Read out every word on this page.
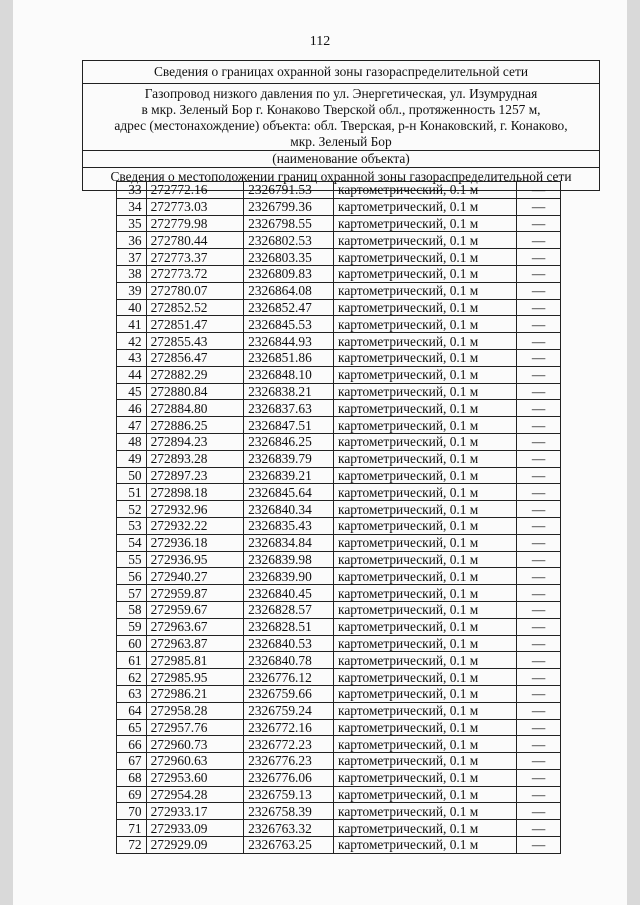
112
Сведения о границах охранной зоны газораспределительной сети
Газопровод низкого давления по ул. Энергетическая, ул. Изумрудная
в мкр. Зеленый Бор г. Конаково Тверской обл., протяженность 1257 м,
адрес (местонахождение) объекта: обл. Тверская, р-н Конаковский, г. Конаково,
мкр. Зеленый Бор
(наименование объекта)
Сведения о местоположении границ охранной зоны газораспределительной сети
33	272772.16	2326791.53	картометрический, 0.1 м	—
34	272773.03	2326799.36	картометрический, 0.1 м	—
35	272779.98	2326798.55	картометрический, 0.1 м	—
36	272780.44	2326802.53	картометрический, 0.1 м	—
37	272773.37	2326803.35	картометрический, 0.1 м	—
38	272773.72	2326809.83	картометрический, 0.1 м	—
39	272780.07	2326864.08	картометрический, 0.1 м	—
40	272852.52	2326852.47	картометрический, 0.1 м	—
41	272851.47	2326845.53	картометрический, 0.1 м	—
42	272855.43	2326844.93	картометрический, 0.1 м	—
43	272856.47	2326851.86	картометрический, 0.1 м	—
44	272882.29	2326848.10	картометрический, 0.1 м	—
45	272880.84	2326838.21	картометрический, 0.1 м	—
46	272884.80	2326837.63	картометрический, 0.1 м	—
47	272886.25	2326847.51	картометрический, 0.1 м	—
48	272894.23	2326846.25	картометрический, 0.1 м	—
49	272893.28	2326839.79	картометрический, 0.1 м	—
50	272897.23	2326839.21	картометрический, 0.1 м	—
51	272898.18	2326845.64	картометрический, 0.1 м	—
52	272932.96	2326840.34	картометрический, 0.1 м	—
53	272932.22	2326835.43	картометрический, 0.1 м	—
54	272936.18	2326834.84	картометрический, 0.1 м	—
55	272936.95	2326839.98	картометрический, 0.1 м	—
56	272940.27	2326839.90	картометрический, 0.1 м	—
57	272959.87	2326840.45	картометрический, 0.1 м	—
58	272959.67	2326828.57	картометрический, 0.1 м	—
59	272963.67	2326828.51	картометрический, 0.1 м	—
60	272963.87	2326840.53	картометрический, 0.1 м	—
61	272985.81	2326840.78	картометрический, 0.1 м	—
62	272985.95	2326776.12	картометрический, 0.1 м	—
63	272986.21	2326759.66	картометрический, 0.1 м	—
64	272958.28	2326759.24	картометрический, 0.1 м	—
65	272957.76	2326772.16	картометрический, 0.1 м	—
66	272960.73	2326772.23	картометрический, 0.1 м	—
67	272960.63	2326776.23	картометрический, 0.1 м	—
68	272953.60	2326776.06	картометрический, 0.1 м	—
69	272954.28	2326759.13	картометрический, 0.1 м	—
70	272933.17	2326758.39	картометрический, 0.1 м	—
71	272933.09	2326763.32	картометрический, 0.1 м	—
72	272929.09	2326763.25	картометрический, 0.1 м	—
